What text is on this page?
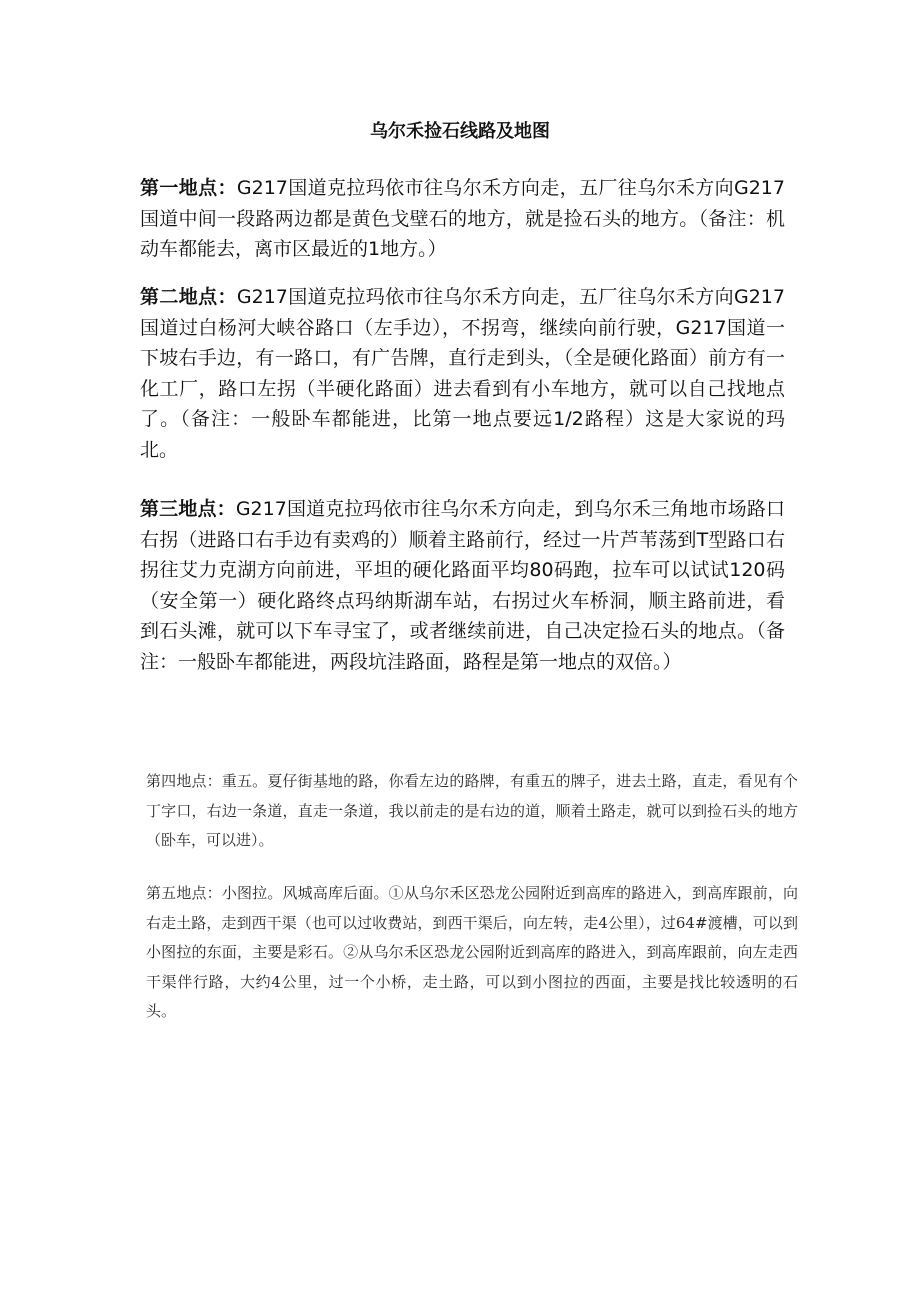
乌尔禾捡石线路及地图

第一地点：G217国道克拉玛依市往乌尔禾方向走，五厂往乌尔禾方向G217国道中间一段路两边都是黄色戈壁石的地方，就是捡石头的地方。（备注：机动车都能去，离市区最近的1地方。）

第二地点：G217国道克拉玛依市往乌尔禾方向走，五厂往乌尔禾方向G217国道过白杨河大峡谷路口（左手边），不拐弯，继续向前行驶，G217国道一下坡右手边，有一路口，有广告牌，直行走到头，（全是硬化路面）前方有一化工厂，路口左拐（半硬化路面）进去看到有小车地方，就可以自己找地点了。（备注：一般卧车都能进，比第一地点要远1/2路程）这是大家说的玛北。

第三地点：G217国道克拉玛依市往乌尔禾方向走，到乌尔禾三角地市场路口右拐（进路口右手边有卖鸡的）顺着主路前行，经过一片芦苇荡到T型路口右拐往艾力克湖方向前进，平坦的硬化路面平均80码跑，拉车可以试试120码（安全第一）硬化路终点玛纳斯湖车站，右拐过火车桥洞，顺主路前进，看到石头滩，就可以下车寻宝了，或者继续前进，自己决定捡石头的地点。（备注：一般卧车都能进，两段坑洼路面，路程是第一地点的双倍。）

第四地点：重五。夏仔街基地的路，你看左边的路牌，有重五的牌子，进去土路，直走，看见有个丁字口，右边一条道，直走一条道，我以前走的是右边的道，顺着土路走，就可以到捡石头的地方（卧车，可以进）。

第五地点：小图拉。风城高库后面。①从乌尔禾区恐龙公园附近到高库的路进入，到高库跟前，向右走土路，走到西干渠（也可以过收费站，到西干渠后，向左转，走4公里），过64#渡槽，可以到小图拉的东面，主要是彩石。②从乌尔禾区恐龙公园附近到高库的路进入，到高库跟前，向左走西干渠伴行路，大约4公里，过一个小桥，走土路，可以到小图拉的西面，主要是找比较透明的石头。
